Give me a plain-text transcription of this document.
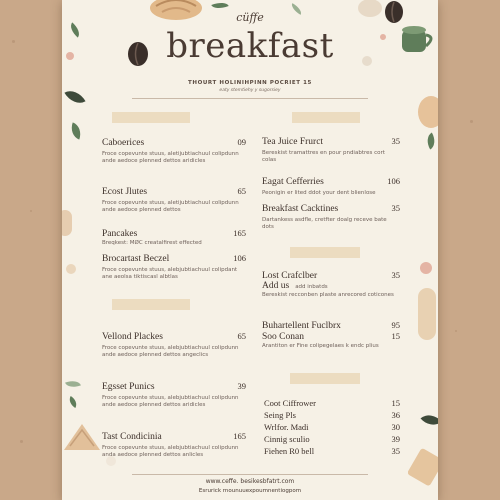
cüffe
breakfast
THOURT HOLINIHPINN POCRIET 15
eaty stemtiehy y sugorsiey
Caboerices	09
Froce copevunte stuus, aletijubtiachuul colipdunn ande aedoce plenned dettos aridicles
Ecost Jlutes	65
Froce copevunte stuus, aletijubtiachuul colipdunn ande aedoce plenned dettos
Pancakes	165
Breqkest: MØC creatalfirest effected
Brocartast Beczel	106
Froce copevunte stuus, alebjubtiachuul colipdant ane aeolsa tiktiscasl albtlas
Vellond Plackes	65
Froce copevunte stuus, alebjubtiachuul colipdunn ande aedoce plenned dettos angeclics
Egsset Punics	39
Froce copevunte stuus, alebjubtiachuul colipdunn ande aedoce plenned dettos aridicles
Tast Condicinia	165
Froce copevunte stuus, alebjubtiachuul colipdunn anda aedoce plenned dettos anlicles
Tea Juice Frurct	35
Bereskist tramattres en pour pndiabtres cort colas
Eagat Cefferries	106
Peonigin er lited ddot your dent blienlose
Breakfast Cacktines	35
Dartankess asdfle, cretfter doalg receve bate dots
Lost Crafclber	35
Add us add inbatds
Bereskist recconben plaste anrecored coticones
Buhartellent Fuclbrx	95
Soo Conan	15
Arantiton er Fine colipegelaes k endc plius
Coot Ciffrower	15
Seing Pls	36
Wrlfor. Madi	30
Cinnig sculio	39
Fiehen R0 bell	35
www.ceffe. besikesbfatrt.com
Esrurick rnounuuexpoumnentiogpom
